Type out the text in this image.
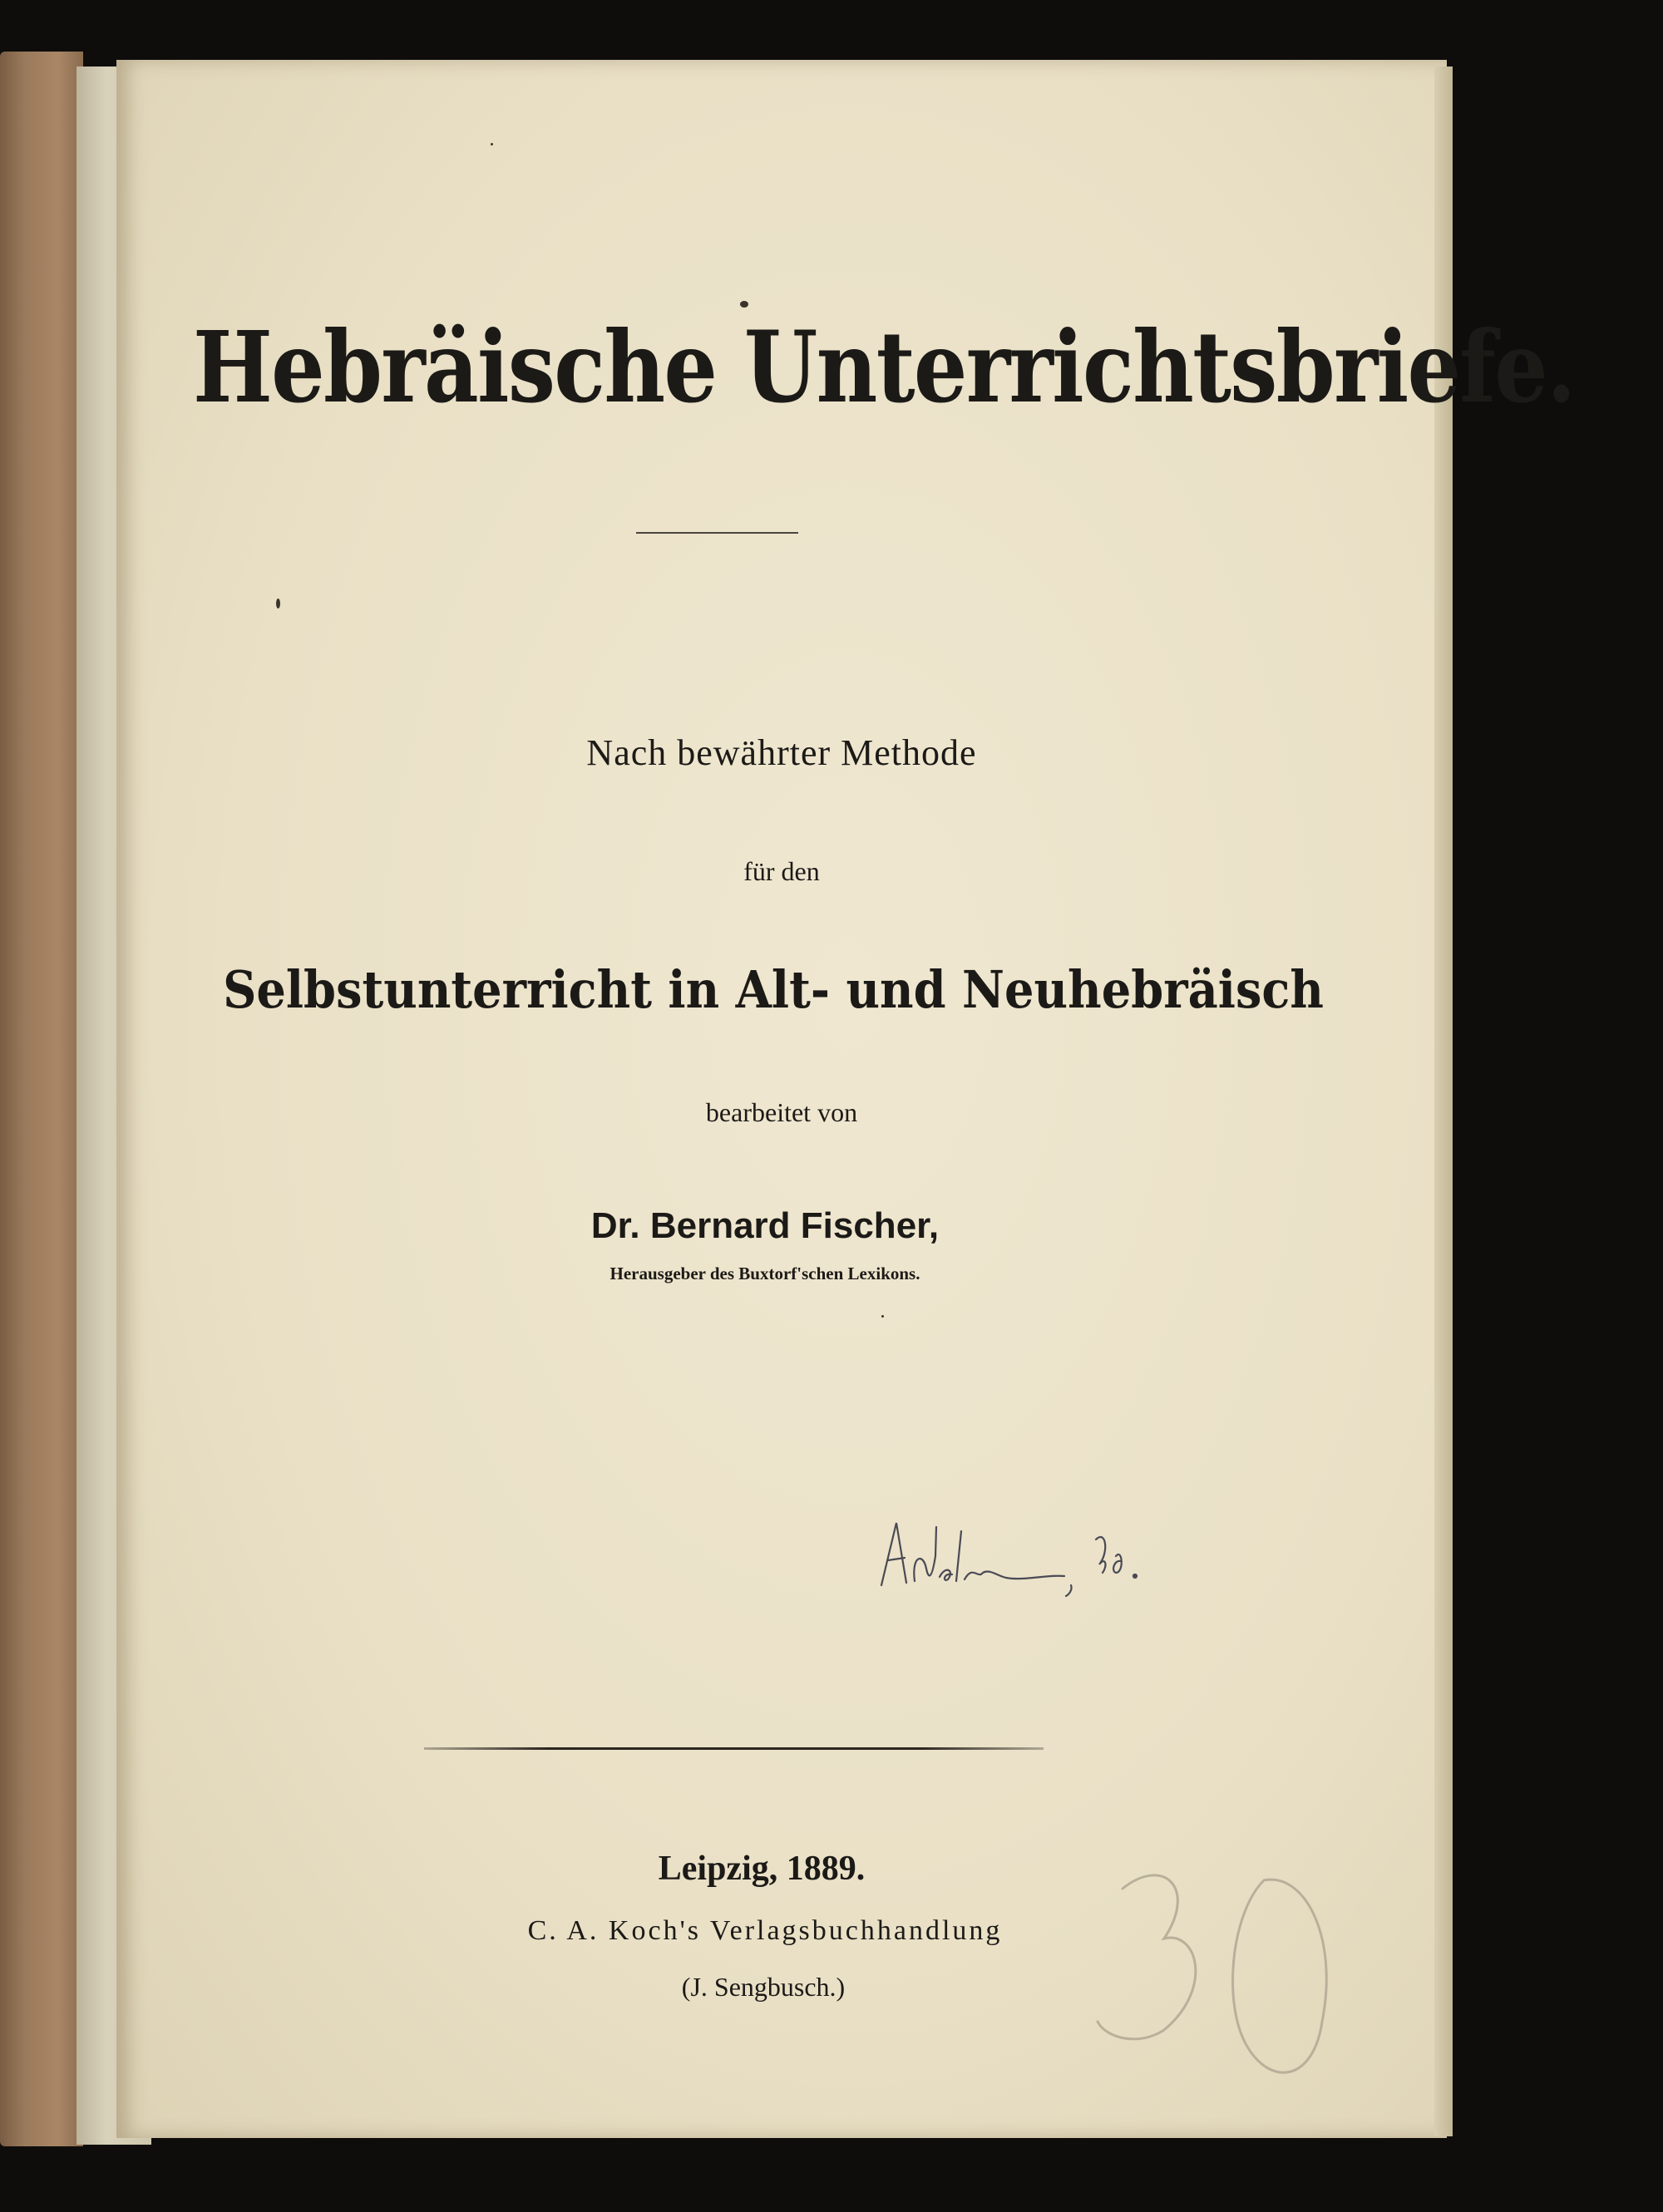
Hebräische Unterrichtsbriefe.
Nach bewährter Methode
für den
Selbstunterricht in Alt- und Neuhebräisch
bearbeitet von
Dr. Bernard Fischer,
Herausgeber des Buxtorf'schen Lexikons.
Leipzig, 1889.
C. A. Koch's Verlagsbuchhandlung
(J. Sengbusch.)
